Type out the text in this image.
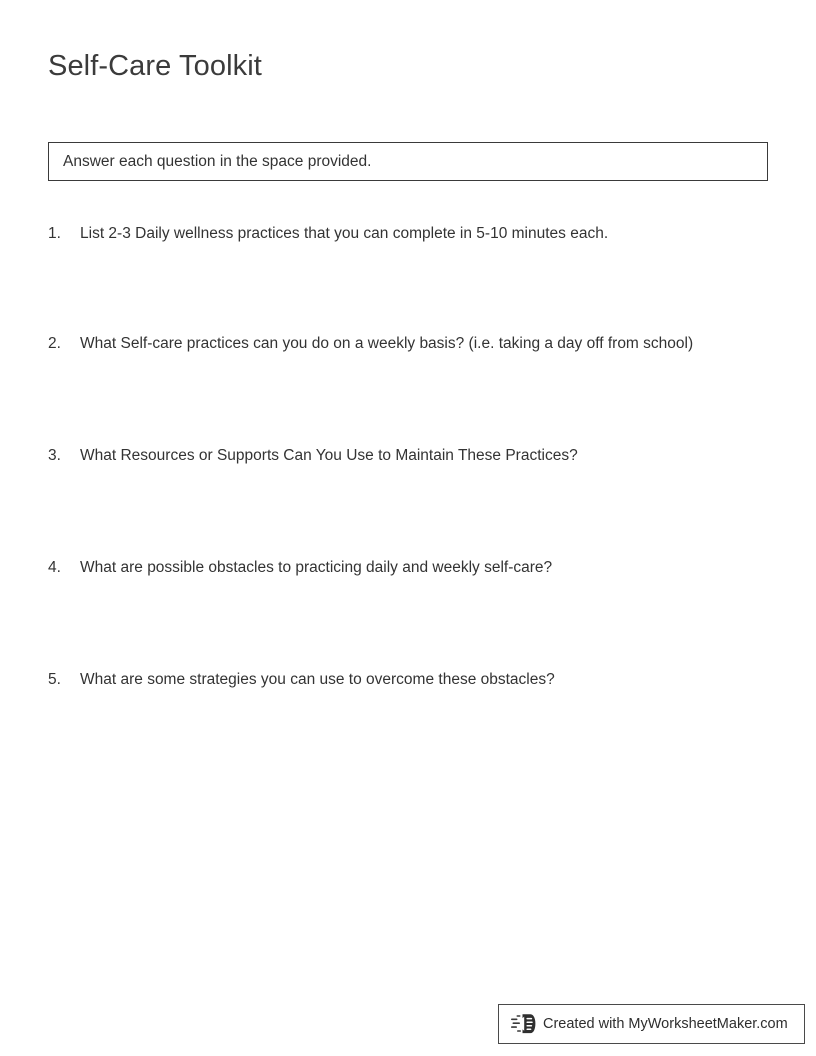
Self-Care Toolkit
Answer each question in the space provided.
1.	List 2-3 Daily wellness practices that you can complete in 5-10 minutes each.
2.	What Self-care practices can you do on a weekly basis? (i.e. taking a day off from school)
3.	What Resources or Supports Can You Use to Maintain These Practices?
4.	What are possible obstacles to practicing daily and weekly self-care?
5.	What are some strategies you can use to overcome these obstacles?
Created with MyWorksheetMaker.com
